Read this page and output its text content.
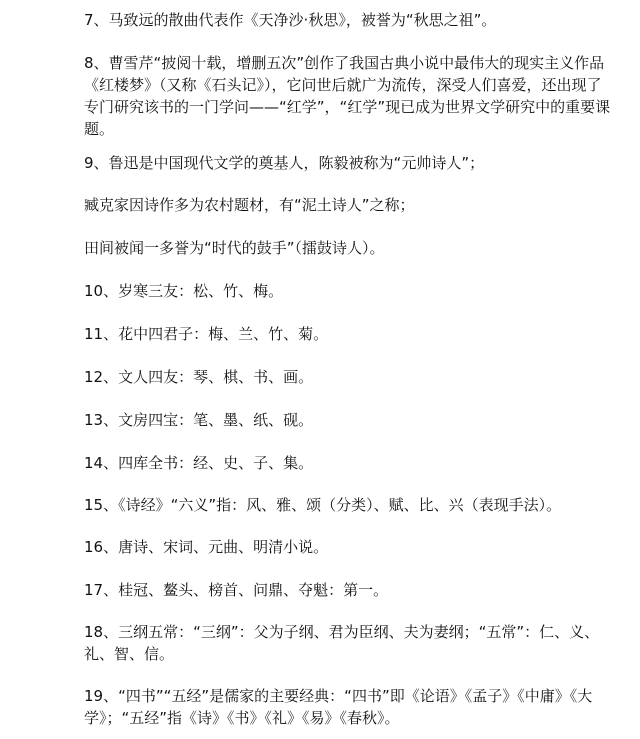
7、马致远的散曲代表作《天净沙·秋思》，被誉为“秋思之祖”。

8、曹雪芹“披阅十载，增删五次”创作了我国古典小说中最伟大的现实主义作品《红楼梦》（又称《石头记》），它问世后就广为流传，深受人们喜爱，还出现了专门研究该书的一门学问——“红学”，“红学”现已成为世界文学研究中的重要课题。

9、鲁迅是中国现代文学的奠基人，陈毅被称为“元帅诗人”；

臧克家因诗作多为农村题材，有“泥土诗人”之称；

田间被闻一多誉为“时代的鼓手”（擂鼓诗人）。

10、岁寒三友：松、竹、梅。

11、花中四君子：梅、兰、竹、菊。

12、文人四友：琴、棋、书、画。

13、文房四宝：笔、墨、纸、砚。

14、四库全书：经、史、子、集。

15、《诗经》“六义”指：风、雅、颂（分类）、赋、比、兴（表现手法）。

16、唐诗、宋词、元曲、明清小说。

17、桂冠、鳌头、榜首、问鼎、夺魁：第一。

18、三纲五常：“三纲”：父为子纲、君为臣纲、夫为妻纲；“五常”：仁、义、礼、智、信。

19、“四书”“五经”是儒家的主要经典：“四书”即《论语》《孟子》《中庸》《大学》；“五经”指《诗》《书》《礼》《易》《春秋》。
